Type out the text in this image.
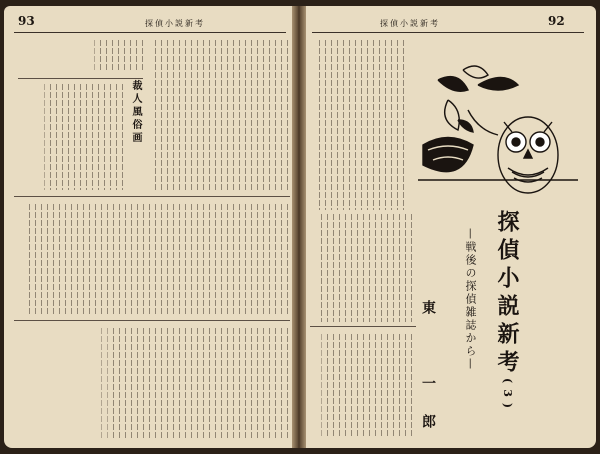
93	探偵小説新考	探偵小説新考	92
裁人風俗画
探偵小説新考(3)
—戦後の探偵雑誌から—
東　一郎
